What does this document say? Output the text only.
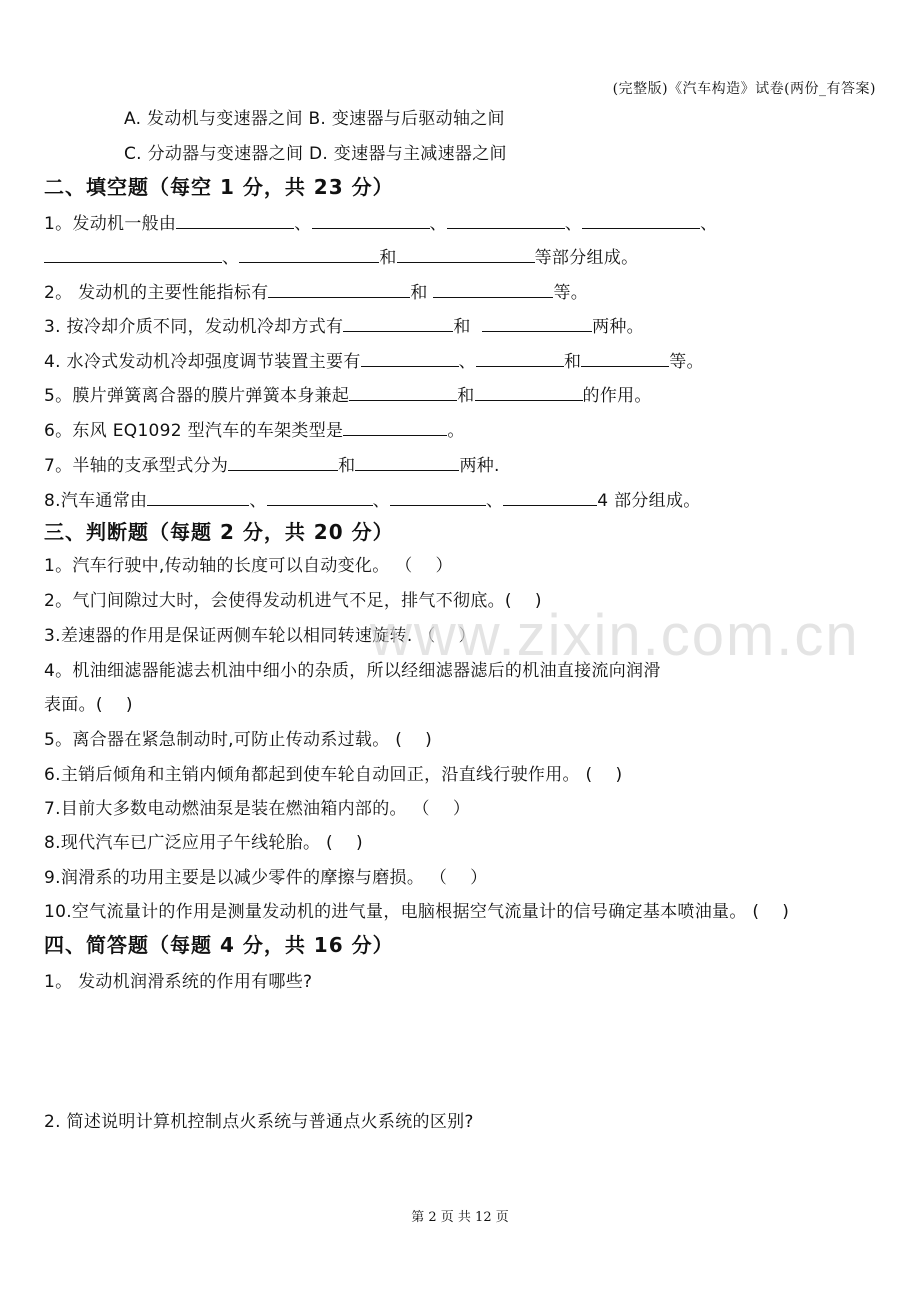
(完整版)《汽车构造》试卷(两份_有答案)
A. 发动机与变速器之间 B. 变速器与后驱动轴之间
C. 分动器与变速器之间 D. 变速器与主减速器之间
二、填空题（每空 1 分，共 23 分）
1。发动机一般由	、	、	、	、
、	和	等部分组成。
2。 发动机的主要性能指标有	和	等。
3. 按冷却介质不同，发动机冷却方式有	和	两种。
4. 水冷式发动机冷却强度调节装置主要有	、	和	等。
5。膜片弹簧离合器的膜片弹簧本身兼起	和	的作用。
6。东风 EQ1092 型汽车的车架类型是	。
7。半轴的支承型式分为	和	两种.
8.汽车通常由	、	、	、	4 部分组成。
三、判断题（每题 2 分，共 20 分）
1。汽车行驶中,传动轴的长度可以自动变化。 （　 ）
2。气门间隙过大时，会使得发动机进气不足，排气不彻底。(　 )
3.差速器的作用是保证两侧车轮以相同转速旋转. （　 ）
4。机油细滤器能滤去机油中细小的杂质，所以经细滤器滤后的机油直接流向润滑
表面。(　 )
5。离合器在紧急制动时,可防止传动系过载。 (　 )
6.主销后倾角和主销内倾角都起到使车轮自动回正，沿直线行驶作用。 (　 )
7.目前大多数电动燃油泵是装在燃油箱内部的。 （　 ）
8.现代汽车已广泛应用子午线轮胎。 (　 )
9.润滑系的功用主要是以减少零件的摩擦与磨损。 （　 ）
10.空气流量计的作用是测量发动机的进气量，电脑根据空气流量计的信号确定基本喷油量。 (　 )
四、简答题（每题 4 分，共 16 分）
1。 发动机润滑系统的作用有哪些?
2. 简述说明计算机控制点火系统与普通点火系统的区别?
第 2 页 共 12 页
www.zixin.com.cn
